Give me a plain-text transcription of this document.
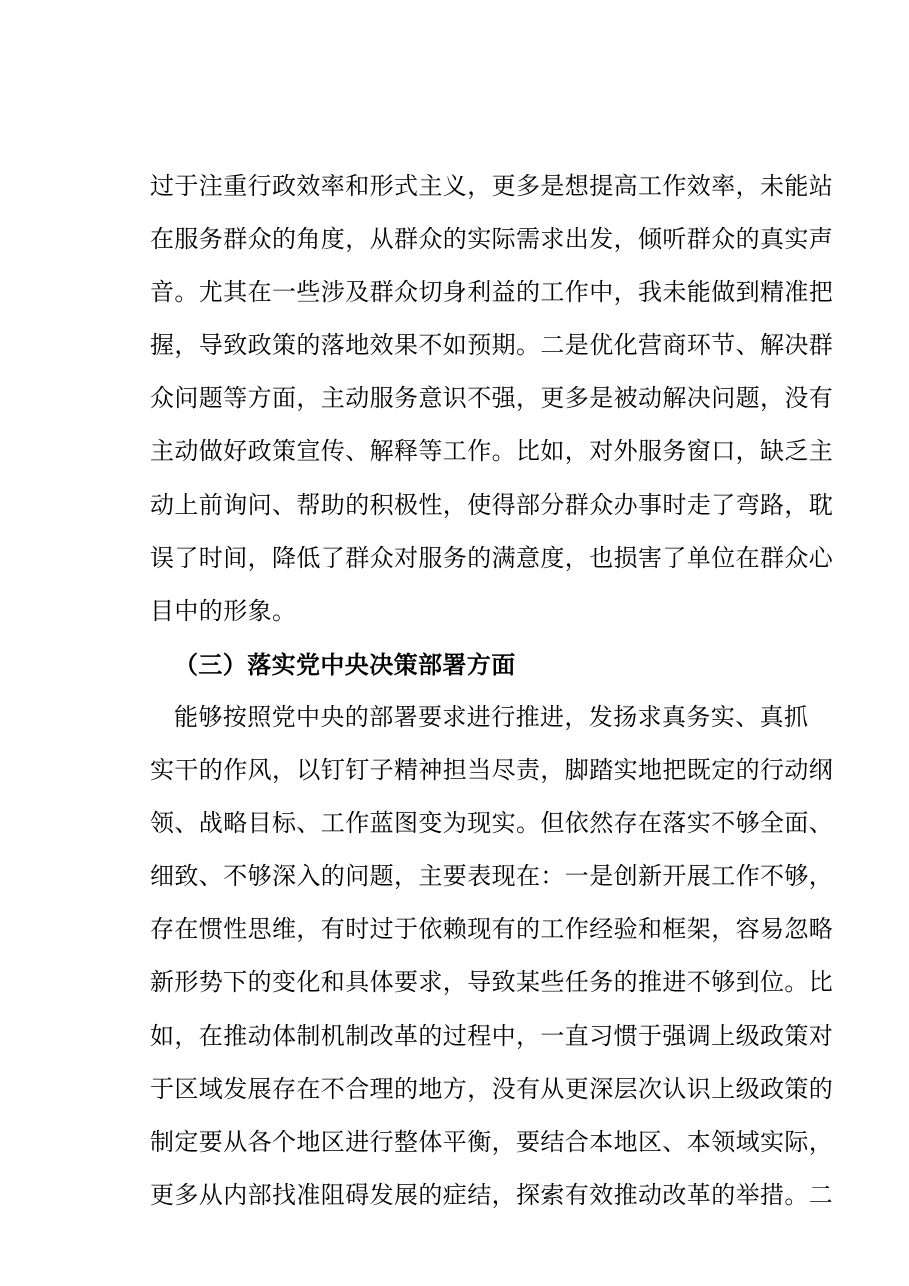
过于注重行政效率和形式主义，更多是想提高工作效率，未能站
在服务群众的角度，从群众的实际需求出发，倾听群众的真实声
音。尤其在一些涉及群众切身利益的工作中，我未能做到精准把
握，导致政策的落地效果不如预期。二是优化营商环节、解决群
众问题等方面，主动服务意识不强，更多是被动解决问题，没有
主动做好政策宣传、解释等工作。比如，对外服务窗口，缺乏主
动上前询问、帮助的积极性，使得部分群众办事时走了弯路，耽
误了时间，降低了群众对服务的满意度，也损害了单位在群众心
目中的形象。
（三）落实党中央决策部署方面
能够按照党中央的部署要求进行推进，发扬求真务实、真抓
实干的作风，以钉钉子精神担当尽责，脚踏实地把既定的行动纲
领、战略目标、工作蓝图变为现实。但依然存在落实不够全面、
细致、不够深入的问题，主要表现在：一是创新开展工作不够，
存在惯性思维，有时过于依赖现有的工作经验和框架，容易忽略
新形势下的变化和具体要求，导致某些任务的推进不够到位。比
如，在推动体制机制改革的过程中，一直习惯于强调上级政策对
于区域发展存在不合理的地方，没有从更深层次认识上级政策的
制定要从各个地区进行整体平衡，要结合本地区、本领域实际，
更多从内部找准阻碍发展的症结，探索有效推动改革的举措。二
